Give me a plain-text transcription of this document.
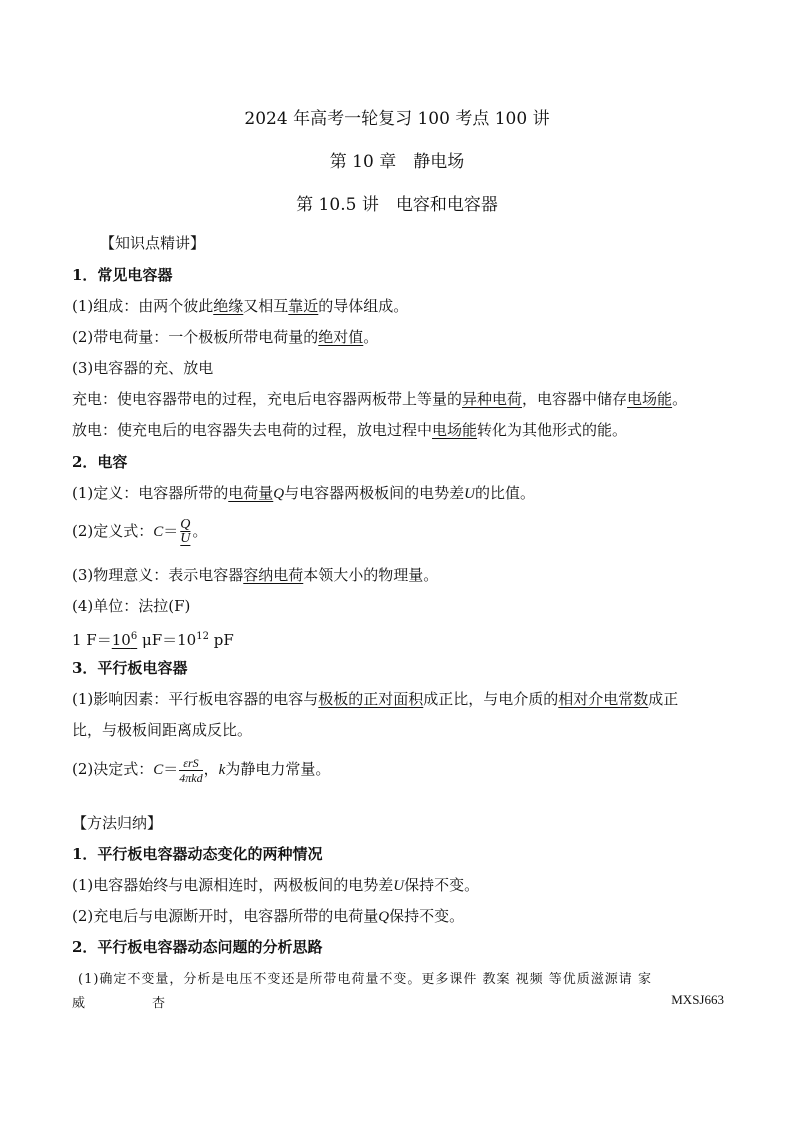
2024 年高考一轮复习 100 考点 100 讲
第 10 章　静电场
第 10.5 讲　电容和电容器
【知识点精讲】
1．常见电容器
(1)组成：由两个彼此绝缘又相互靠近的导体组成。
(2)带电荷量：一个极板所带电荷量的绝对值。
(3)电容器的充、放电
充电：使电容器带电的过程，充电后电容器两板带上等量的异种电荷，电容器中储存电场能。
放电：使充电后的电容器失去电荷的过程，放电过程中电场能转化为其他形式的能。
2．电容
(1)定义：电容器所带的电荷量Q与电容器两极板间的电势差U的比值。
(2)定义式：$C= \frac{Q}{U}$ 。
(3)物理意义：表示电容器容纳电荷本领大小的物理量。
(4)单位：法拉(F)
1 $F=10^6$ $\mu F=10^{12}$ pF
3．平行板电容器
(1)影响因素：平行板电容器的电容与极板的正对面积成正比，与电介质的相对介电常数成正
比，与极板间距离成反比。
(2)决定式：$C= \frac{\text{εrS}}{\text{4πkd}}$ ，k为静电力常量。
【方法归纳】
1．平行板电容器动态变化的两种情况
(1)电容器始终与电源相连时，两极板间的电势差U保持不变。
(2)充电后与电源断开时，电容器所带的电荷量Q保持不变。
2．平行板电容器动态问题的分析思路
(1)确定不变量，分析是电压不变还是所带电荷量不变。更多课件 教案 视频 等优质滋源请 家
威	杏	MXSJ663
